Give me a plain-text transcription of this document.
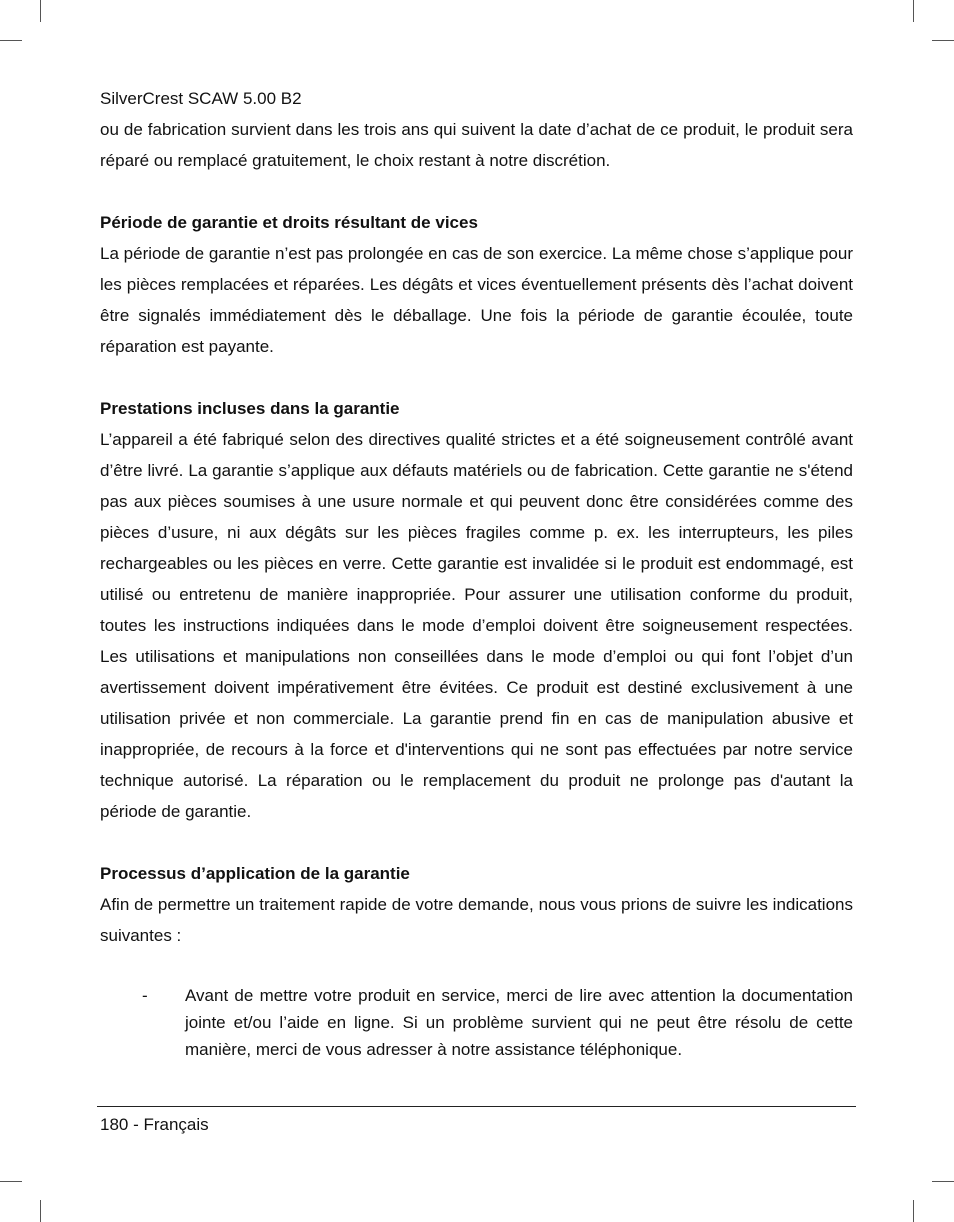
SilverCrest SCAW 5.00 B2

ou de fabrication survient dans les trois ans qui suivent la date d’achat de ce produit, le produit sera réparé ou remplacé gratuitement, le choix restant à notre discrétion.

Période de garantie et droits résultant de vices

La période de garantie n’est pas prolongée en cas de son exercice. La même chose s’applique pour les pièces remplacées et réparées. Les dégâts et vices éventuellement présents dès l’achat doivent être signalés immédiatement dès le déballage. Une fois la période de garantie écoulée, toute réparation est payante.

Prestations incluses dans la garantie

L’appareil a été fabriqué selon des directives qualité strictes et a été soigneusement contrôlé avant d’être livré. La garantie s’applique aux défauts matériels ou de fabrication. Cette garantie ne s'étend pas aux pièces soumises à une usure normale et qui peuvent donc être considérées comme des pièces d’usure, ni aux dégâts sur les pièces fragiles comme p. ex. les interrupteurs, les piles rechargeables ou les pièces en verre. Cette garantie est invalidée si le produit est endommagé, est utilisé ou entretenu de manière inappropriée. Pour assurer une utilisation conforme du produit, toutes les instructions indiquées dans le mode d’emploi doivent être soigneusement respectées. Les utilisations et manipulations non conseillées dans le mode d’emploi ou qui font l’objet d’un avertissement doivent impérativement être évitées. Ce produit est destiné exclusivement à une utilisation privée et non commerciale. La garantie prend fin en cas de manipulation abusive et inappropriée, de recours à la force et d'interventions qui ne sont pas effectuées par notre service technique autorisé. La réparation ou le remplacement du produit ne prolonge pas d'autant la période de garantie.

Processus d’application de la garantie

Afin de permettre un traitement rapide de votre demande, nous vous prions de suivre les indications suivantes :

-	Avant de mettre votre produit en service, merci de lire avec attention la documentation jointe et/ou l’aide en ligne. Si un problème survient qui ne peut être résolu de cette manière, merci de vous adresser à notre assistance téléphonique.
180 - Français
